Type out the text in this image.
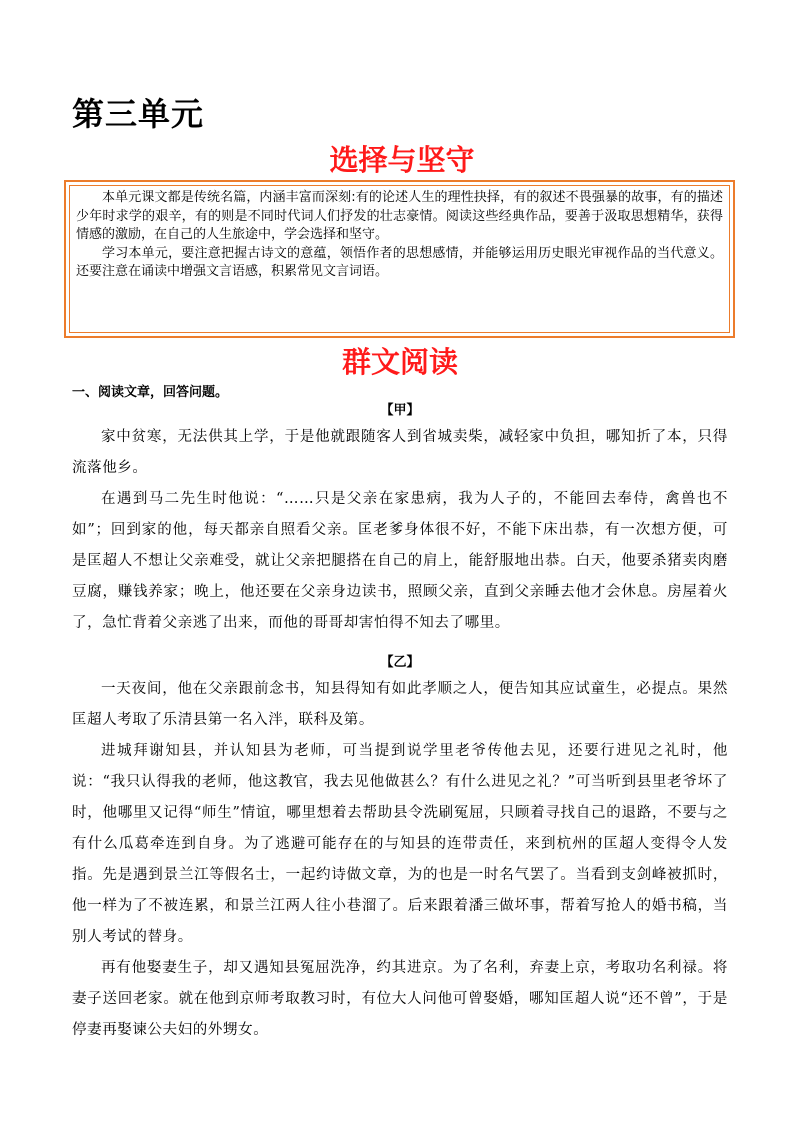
第三单元
选择与坚守

本单元课文都是传统名篇，内涵丰富而深刻:有的论述人生的理性抉择，有的叙述不畏强暴的故事，有的描述少年时求学的艰辛，有的则是不同时代词人们抒发的壮志豪情。阅读这些经典作品，要善于汲取思想精华，获得情感的激励，在自己的人生旅途中，学会选择和坚守。

学习本单元，要注意把握古诗文的意蕴，领悟作者的思想感情，并能够运用历史眼光审视作品的当代意义。还要注意在诵读中增强文言语感，积累常见文言词语。

群文阅读
一、阅读文章，回答问题。
【甲】

家中贫寒，无法供其上学，于是他就跟随客人到省城卖柴，减轻家中负担，哪知折了本，只得流落他乡。

在遇到马二先生时他说：“……只是父亲在家患病，我为人子的，不能回去奉侍，禽兽也不如”；回到家的他，每天都亲自照看父亲。匡老爹身体很不好，不能下床出恭，有一次想方便，可是匡超人不想让父亲难受，就让父亲把腿搭在自己的肩上，能舒服地出恭。白天，他要杀猪卖肉磨豆腐，赚钱养家；晚上，他还要在父亲身边读书，照顾父亲，直到父亲睡去他才会休息。房屋着火了，急忙背着父亲逃了出来，而他的哥哥却害怕得不知去了哪里。

【乙】

一天夜间，他在父亲跟前念书，知县得知有如此孝顺之人，便告知其应试童生，必提点。果然匡超人考取了乐清县第一名入泮，联科及第。

进城拜谢知县，并认知县为老师，可当提到说学里老爷传他去见，还要行进见之礼时，他说：“我只认得我的老师，他这教官，我去见他做甚么？有什么进见之礼？”可当听到县里老爷坏了时，他哪里又记得“师生”情谊，哪里想着去帮助县令洗刷冤屈，只顾着寻找自己的退路，不要与之有什么瓜葛牵连到自身。为了逃避可能存在的与知县的连带责任，来到杭州的匡超人变得令人发指。先是遇到景兰江等假名士，一起约诗做文章，为的也是一时名气罢了。当看到支剑峰被抓时，他一样为了不被连累，和景兰江两人往小巷溜了。后来跟着潘三做坏事，帮着写抢人的婚书稿，当别人考试的替身。

再有他娶妻生子，却又遇知县冤屈洗净，约其进京。为了名利，弃妻上京，考取功名利禄。将妻子送回老家。就在他到京师考取教习时，有位大人问他可曾娶婚，哪知匡超人说“还不曾”，于是停妻再娶谏公夫妇的外甥女。
